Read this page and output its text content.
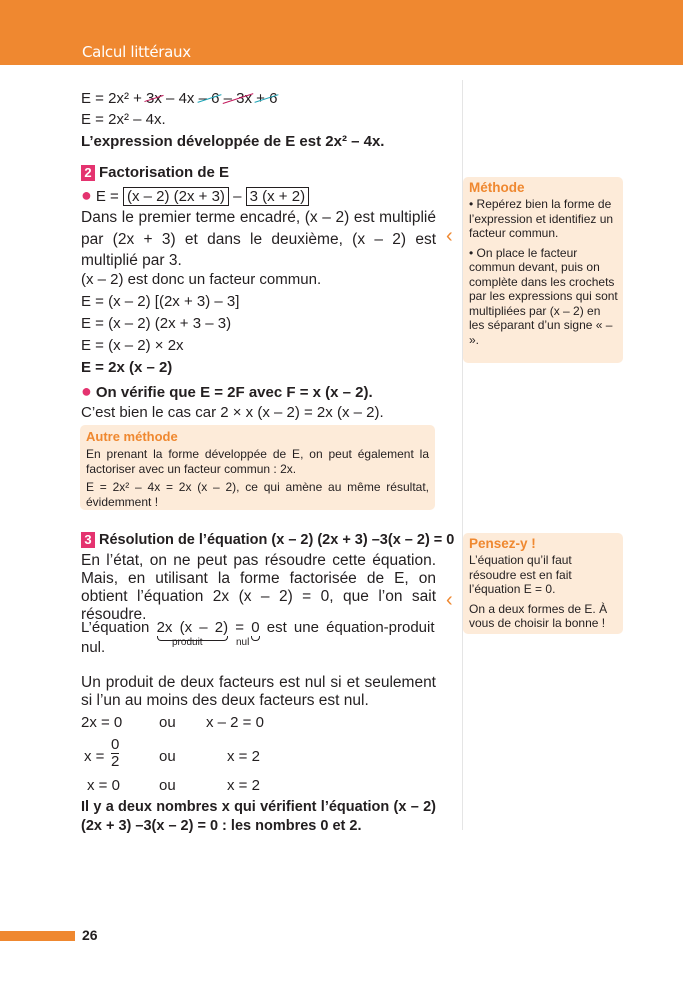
Calcul littéraux
E = 2x² + 3x – 4x – 6 – 3x + 6
E = 2x² – 4x.
L’expression développée de E est 2x² – 4x.
2 Factorisation de E
● E = (x – 2) (2x + 3) – 3 (x + 2)
Dans le premier terme encadré, (x – 2) est multiplié par (2x + 3) et dans le deuxième, (x – 2) est multiplié par 3.
(x – 2) est donc un facteur commun.
E = (x – 2) [(2x + 3) – 3]
E = (x – 2) (2x + 3 – 3)
E = (x – 2) × 2x
E = 2x (x – 2)
● On vérifie que E = 2F avec F = x (x – 2).
C’est bien le cas car 2 × x (x – 2) = 2x (x – 2).
Autre méthode
En prenant la forme développée de E, on peut également la factoriser avec un facteur commun : 2x.
E = 2x² – 4x = 2x (x – 2), ce qui amène au même résultat, évidemment !
3 Résolution de l’équation (x – 2) (2x + 3) –3(x – 2) = 0
En l’état, on ne peut pas résoudre cette équation. Mais, en utilisant la forme factorisée de E, on obtient l’équation 2x (x – 2) = 0, que l’on sait résoudre.
L’équation 2x (x – 2) = 0 est une équation-produit
produit	nul
nul.
Un produit de deux facteurs est nul si et seulement si l’un au moins des deux facteurs est nul.
2x = 0 ou x – 2 = 0
$x = \frac{0}{2}$	ou	x = 2
x = 0	ou	x = 2
Il y a deux nombres x qui vérifient l’équation (x – 2) (2x + 3) –3(x – 2) = 0 : les nombres 0 et 2.
‹
Méthode
• Repérez bien la forme de l’expression et identifiez un facteur commun.
• On place le facteur commun devant, puis on complète dans les crochets par les expressions qui sont multipliées par (x – 2) en les séparant d’un signe « – ».
‹
Pensez-y !
L’équation qu’il faut résoudre est en fait l’équation E = 0.
On a deux formes de E. À vous de choisir la bonne !
26
